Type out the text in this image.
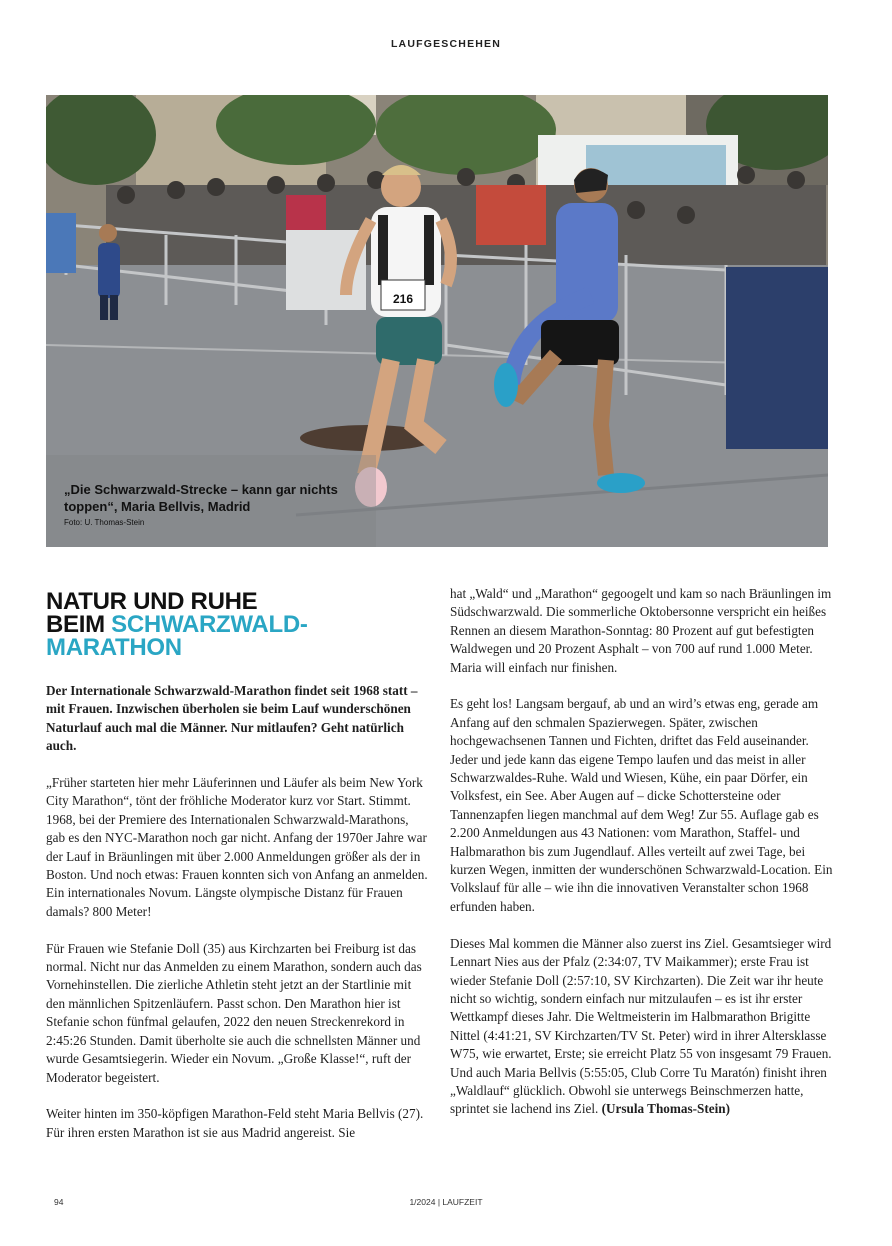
LAUFGESCHEHEN
216
„Die Schwarzwald-Strecke – kann gar nichts toppen“, Maria Bellvis, Madrid
Foto: U. Thomas-Stein
NATUR UND RUHE
BEIM SCHWARZWALD-
MARATHON

Der Internationale Schwarzwald-Marathon findet seit 1968 statt – mit Frauen. Inzwischen überholen sie beim Lauf wunderschönen Naturlauf auch mal die Männer. Nur mitlaufen? Geht natürlich auch.

„Früher starteten hier mehr Läuferinnen und Läufer als beim New York City Marathon“, tönt der fröhliche Moderator kurz vor Start. Stimmt. 1968, bei der Premiere des Internationalen Schwarzwald-Marathons, gab es den NYC-Marathon noch gar nicht. Anfang der 1970er Jahre war der Lauf in Bräunlingen mit über 2.000 Anmeldungen größer als der in Boston. Und noch etwas: Frauen konnten sich von Anfang an anmelden. Ein internationales Novum. Längste olympische Distanz für Frauen damals? 800 Meter!

Für Frauen wie Stefanie Doll (35) aus Kirchzarten bei Freiburg ist das normal. Nicht nur das Anmelden zu einem Marathon, sondern auch das Vornehinstellen. Die zierliche Athletin steht jetzt an der Startlinie mit den männlichen Spitzenläufern. Passt schon. Den Marathon hier ist Stefanie schon fünfmal gelaufen, 2022 den neuen Streckenrekord in 2:45:26 Stunden. Damit überholte sie auch die schnellsten Männer und wurde Gesamtsiegerin. Wieder ein Novum. „Große Klasse!“, ruft der Moderator begeistert.

Weiter hinten im 350-köpfigen Marathon-Feld steht Maria Bellvis (27). Für ihren ersten Marathon ist sie aus Madrid angereist. Sie

hat „Wald“ und „Marathon“ gegoogelt und kam so nach Bräunlingen im Südschwarzwald. Die sommerliche Oktobersonne verspricht ein heißes Rennen an diesem Marathon-Sonntag: 80 Prozent auf gut befestigten Waldwegen und 20 Prozent Asphalt – von 700 auf rund 1.000 Meter. Maria will einfach nur finishen.

Es geht los! Langsam bergauf, ab und an wird’s etwas eng, gerade am Anfang auf den schmalen Spazierwegen. Später, zwischen hochgewachsenen Tannen und Fichten, driftet das Feld auseinander. Jeder und jede kann das eigene Tempo laufen und das meist in aller Schwarzwaldes-Ruhe. Wald und Wiesen, Kühe, ein paar Dörfer, ein Volksfest, ein See. Aber Augen auf – dicke Schottersteine oder Tannenzapfen liegen manchmal auf dem Weg! Zur 55. Auflage gab es 2.200 Anmeldungen aus 43 Nationen: vom Marathon, Staffel- und Halbmarathon bis zum Jugendlauf. Alles verteilt auf zwei Tage, bei kurzen Wegen, inmitten der wunderschönen Schwarzwald-Location. Ein Volkslauf für alle – wie ihn die innovativen Veranstalter schon 1968 erfunden haben.

Dieses Mal kommen die Männer also zuerst ins Ziel. Gesamtsieger wird Lennart Nies aus der Pfalz (2:34:07, TV Maikammer); erste Frau ist wieder Stefanie Doll (2:57:10, SV Kirchzarten). Die Zeit war ihr heute nicht so wichtig, sondern einfach nur mitzulaufen – es ist ihr erster Wettkampf dieses Jahr. Die Weltmeisterin im Halbmarathon Brigitte Nittel (4:41:21, SV Kirchzarten/TV St. Peter) wird in ihrer Altersklasse W75, wie erwartet, Erste; sie erreicht Platz 55 von insgesamt 79 Frauen. Und auch Maria Bellvis (5:55:05, Club Corre Tu Maratón) finisht ihren „Waldlauf“ glücklich. Obwohl sie unterwegs Beinschmerzen hatte, sprintet sie lachend ins Ziel. (Ursula Thomas-Stein)

94	1/2024 | LAUFZEIT
